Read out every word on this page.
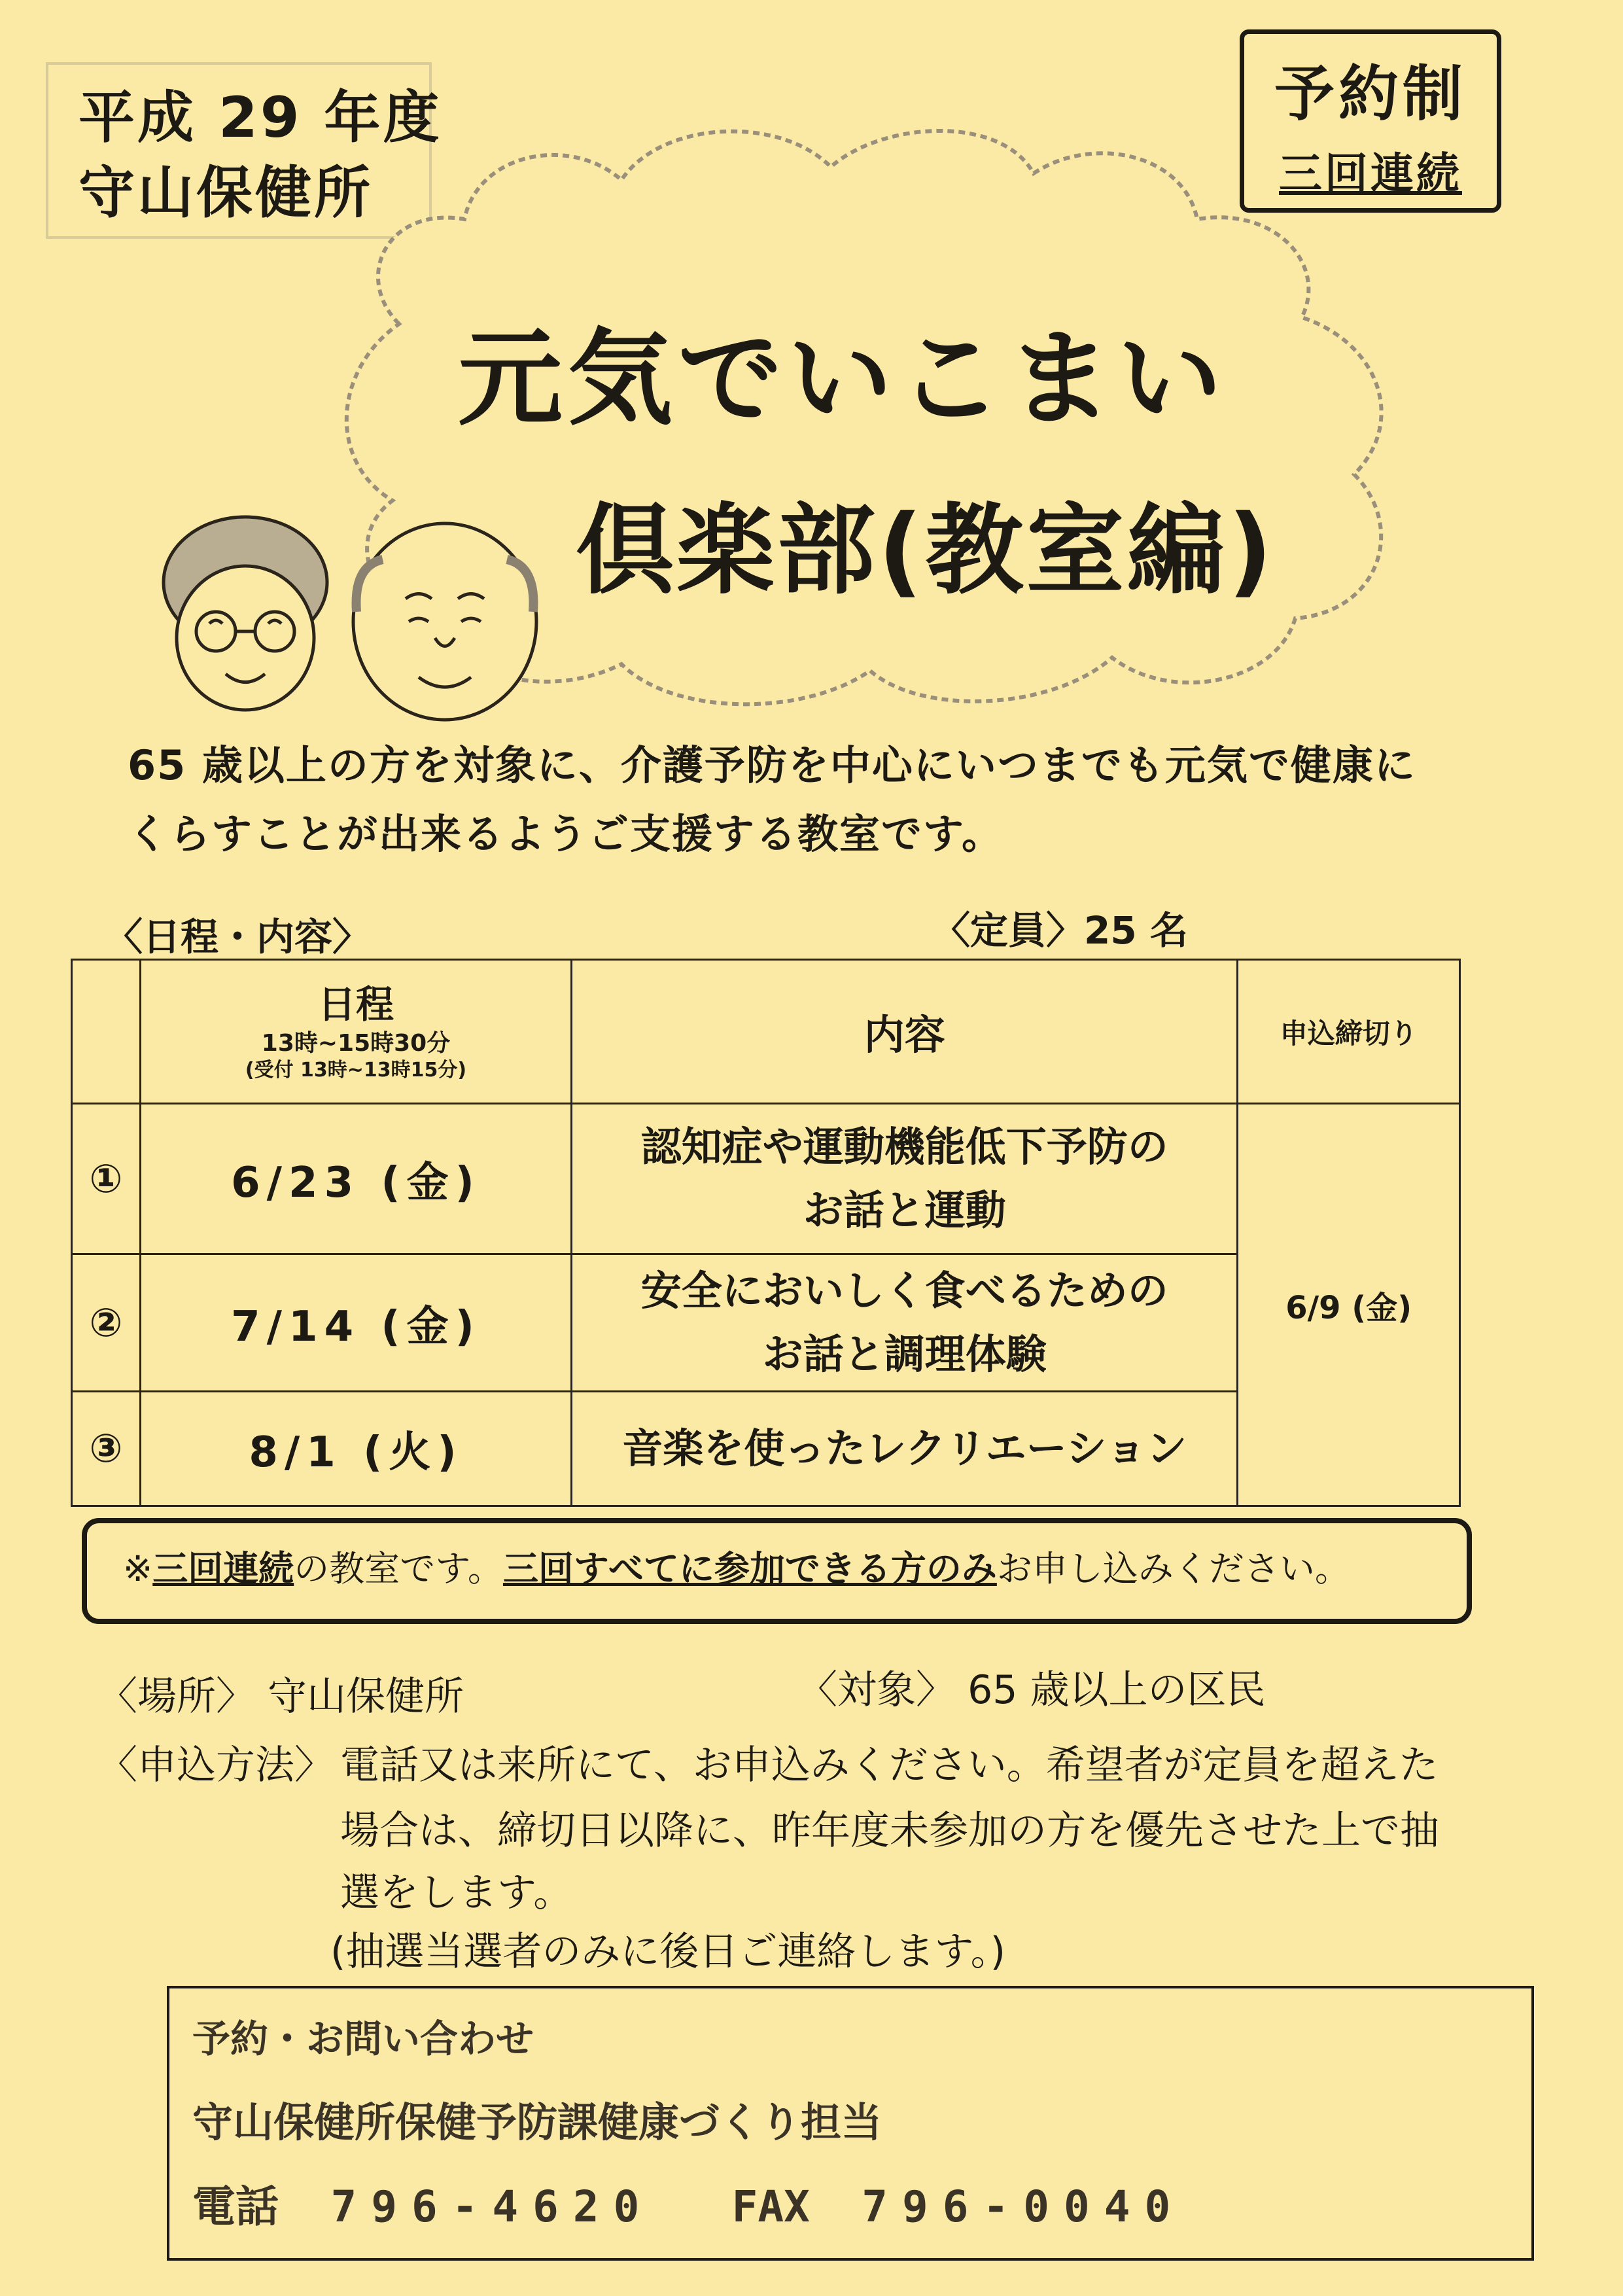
平成 29 年度
守山保健所
予約制
三回連続
元気でいこまい
倶楽部(教室編)
65 歳以上の方を対象に、介護予防を中心にいつまでも元気で健康に
くらすことが出来るようご支援する教室です。
〈日程・内容〉	〈定員〉25 名
	日程
13時~15時30分
(受付 13時~13時15分)	内容	申込締切り
①	6/23 (金)	認知症や運動機能低下予防の
お話と運動	6/9 (金)
②	7/14 (金)	安全においしく食べるための
お話と調理体験	

③	8/1 (火)	音楽を使ったレクリエーション	
※三回連続の教室です。三回すべてに参加できる方のみお申し込みください。
〈場所〉 守山保健所	〈対象〉 65 歳以上の区民
〈申込方法〉 電話又は来所にて、お申込みください。希望者が定員を超えた
場合は、締切日以降に、昨年度未参加の方を優先させた上で抽
選をします。
(抽選当選者のみに後日ご連絡します。)
予約・お問い合わせ
守山保健所保健予防課健康づくり担当
電話 796-4620 FAX 796-0040
